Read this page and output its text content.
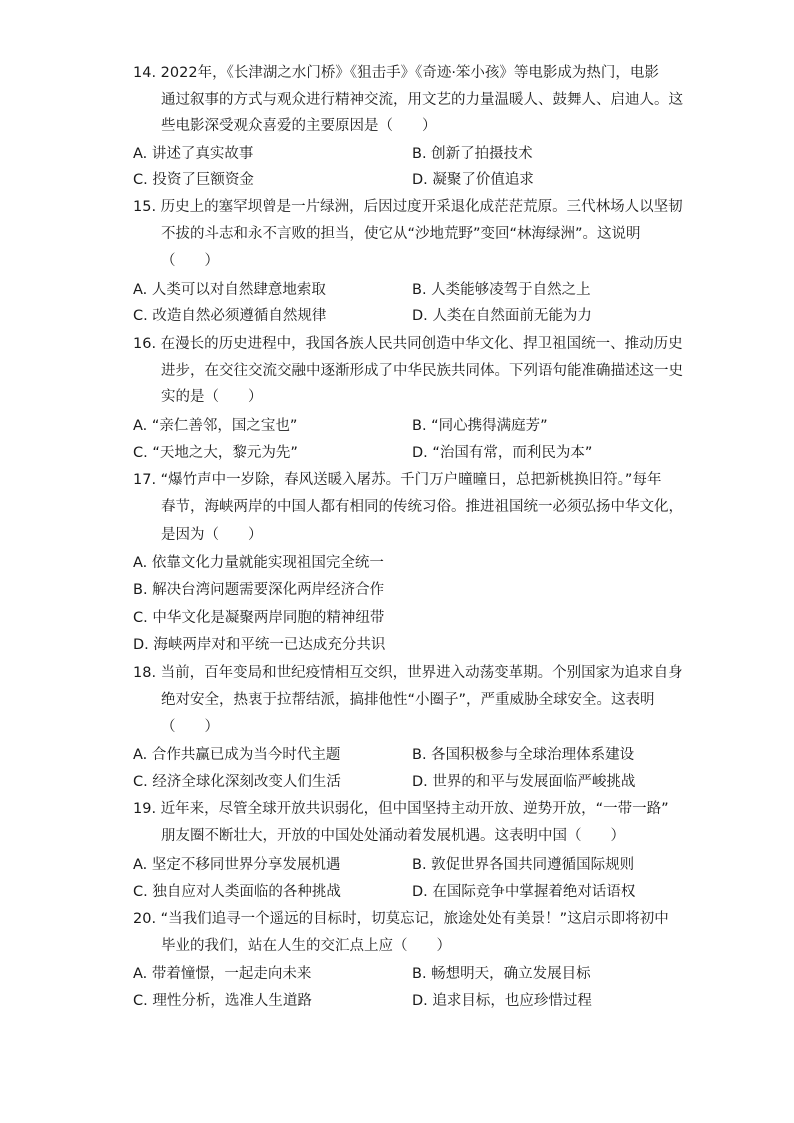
14. 2022年，《长津湖之水门桥》《狙击手》《奇迹·笨小孩》等电影成为热门，电影
通过叙事的方式与观众进行精神交流，用文艺的力量温暖人、鼓舞人、启迪人。这
些电影深受观众喜爱的主要原因是（　　）
A. 讲述了真实故事	B. 创新了拍摄技术
C. 投资了巨额资金	D. 凝聚了价值追求
15. 历史上的塞罕坝曾是一片绿洲，后因过度开采退化成茫茫荒原。三代林场人以坚韧
不拔的斗志和永不言败的担当，使它从“沙地荒野”变回“林海绿洲”。这说明
（　　）
A. 人类可以对自然肆意地索取	B. 人类能够凌驾于自然之上
C. 改造自然必须遵循自然规律	D. 人类在自然面前无能为力
16. 在漫长的历史进程中，我国各族人民共同创造中华文化、捍卫祖国统一、推动历史
进步，在交往交流交融中逐渐形成了中华民族共同体。下列语句能准确描述这一史
实的是（　　）
A. “亲仁善邻，国之宝也”	B. “同心携得满庭芳”
C. “天地之大，黎元为先”	D. “治国有常，而利民为本”
17. “爆竹声中一岁除，春风送暖入屠苏。千门万户曈曈日，总把新桃换旧符。”每年
春节，海峡两岸的中国人都有相同的传统习俗。推进祖国统一必须弘扬中华文化，
是因为（　　）
A. 依靠文化力量就能实现祖国完全统一
B. 解决台湾问题需要深化两岸经济合作
C. 中华文化是凝聚两岸同胞的精神纽带
D. 海峡两岸对和平统一已达成充分共识
18. 当前，百年变局和世纪疫情相互交织，世界进入动荡变革期。个别国家为追求自身
绝对安全，热衷于拉帮结派，搞排他性“小圈子”，严重威胁全球安全。这表明
（　　）
A. 合作共赢已成为当今时代主题	B. 各国积极参与全球治理体系建设
C. 经济全球化深刻改变人们生活	D. 世界的和平与发展面临严峻挑战
19. 近年来，尽管全球开放共识弱化，但中国坚持主动开放、逆势开放，“一带一路”
朋友圈不断壮大，开放的中国处处涌动着发展机遇。这表明中国（　　）
A. 坚定不移同世界分享发展机遇	B. 敦促世界各国共同遵循国际规则
C. 独自应对人类面临的各种挑战	D. 在国际竞争中掌握着绝对话语权
20. “当我们追寻一个遥远的目标时，切莫忘记，旅途处处有美景！”这启示即将初中
毕业的我们，站在人生的交汇点上应（　　）
A. 带着憧憬，一起走向未来	B. 畅想明天，确立发展目标
C. 理性分析，选准人生道路	D. 追求目标，也应珍惜过程
